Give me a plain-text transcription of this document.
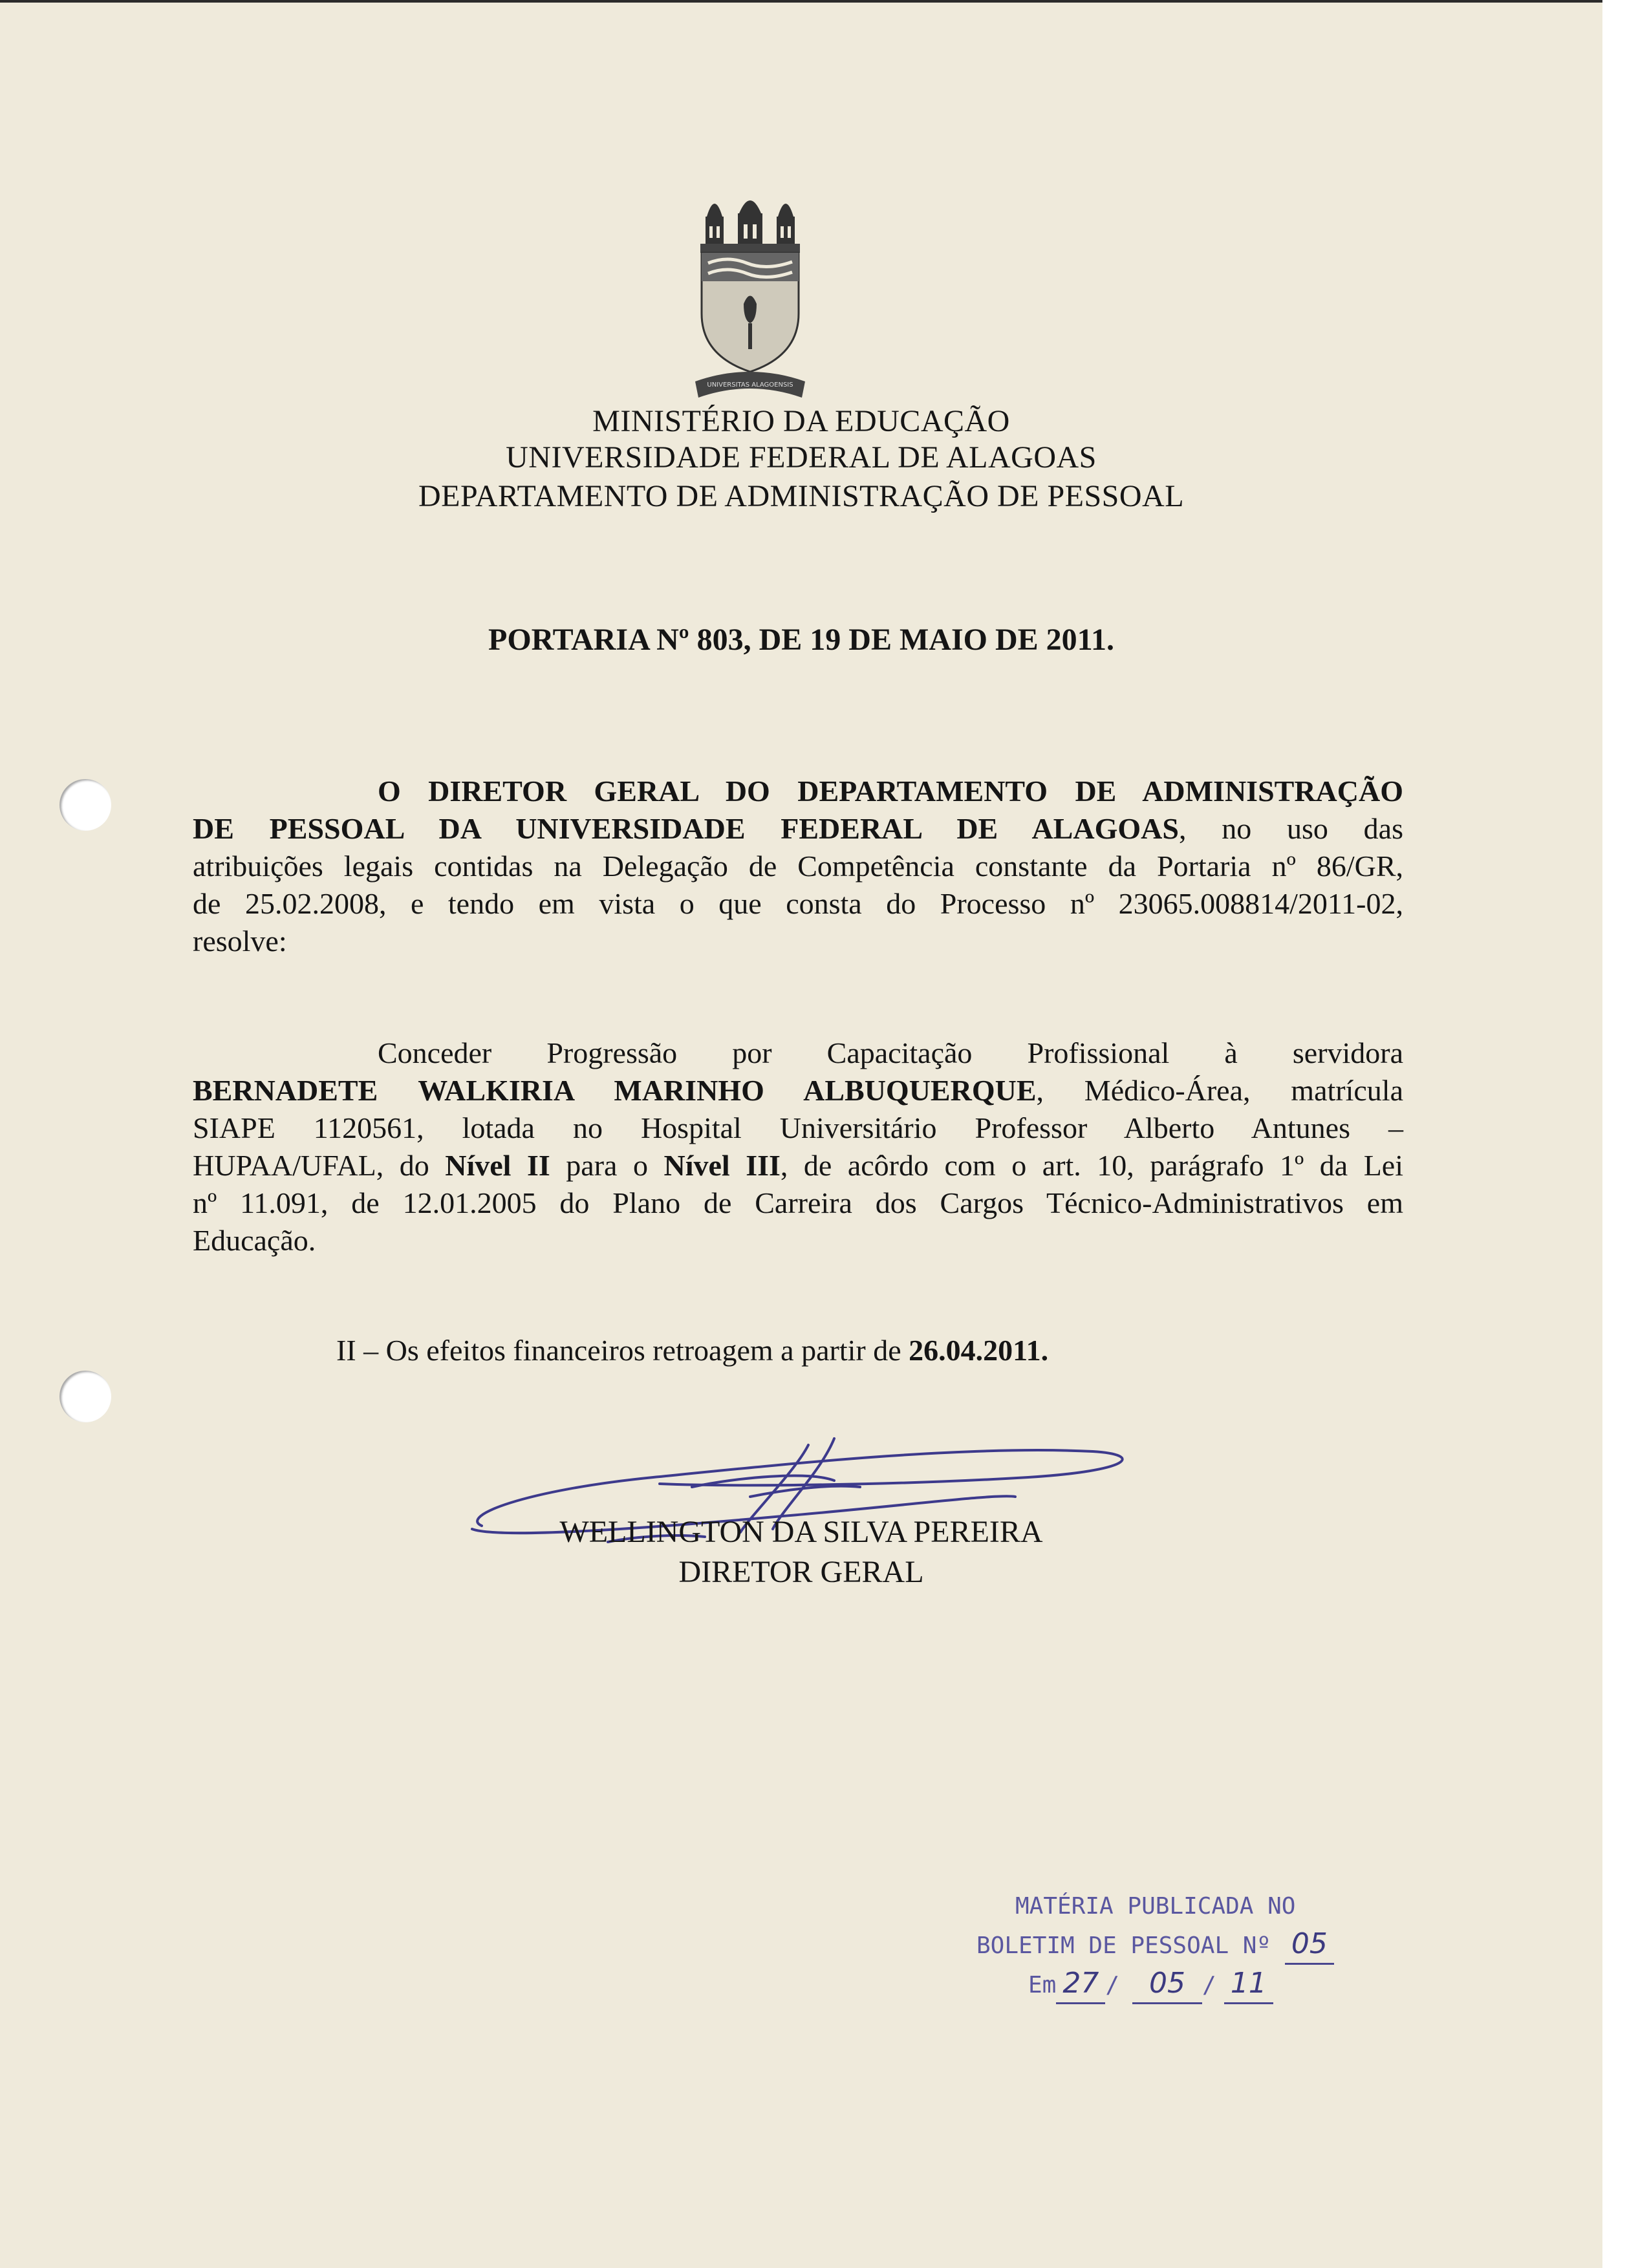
UNIVERSITAS ALAGOENSIS
MINISTÉRIO DA EDUCAÇÃO
UNIVERSIDADE FEDERAL DE ALAGOAS
DEPARTAMENTO DE ADMINISTRAÇÃO DE PESSOAL
PORTARIA Nº 803, DE 19 DE MAIO DE 2011.
O DIRETOR GERAL DO DEPARTAMENTO DE ADMINISTRAÇÃO
DE PESSOAL DA UNIVERSIDADE FEDERAL DE ALAGOAS, no uso das
atribuições legais contidas na Delegação de Competência constante da Portaria nº 86/GR,
de 25.02.2008, e tendo em vista o que consta do Processo nº 23065.008814/2011-02,
resolve:
Conceder Progressão por Capacitação Profissional à servidora
BERNADETE WALKIRIA MARINHO ALBUQUERQUE, Médico-Área, matrícula
SIAPE 1120561, lotada no Hospital Universitário Professor Alberto Antunes –
HUPAA/UFAL, do Nível II para o Nível III, de acôrdo com o art. 10, parágrafo 1º da Lei
nº 11.091, de 12.01.2005 do Plano de Carreira dos Cargos Técnico-Administrativos em
Educação.
II – Os efeitos financeiros retroagem a partir de 26.04.2011.
WELLINGTON DA SILVA PEREIRA
DIRETOR GERAL
MATÉRIA PUBLICADA NO
BOLETIM DE PESSOAL Nº 05
Em 27 / 05 / 11
